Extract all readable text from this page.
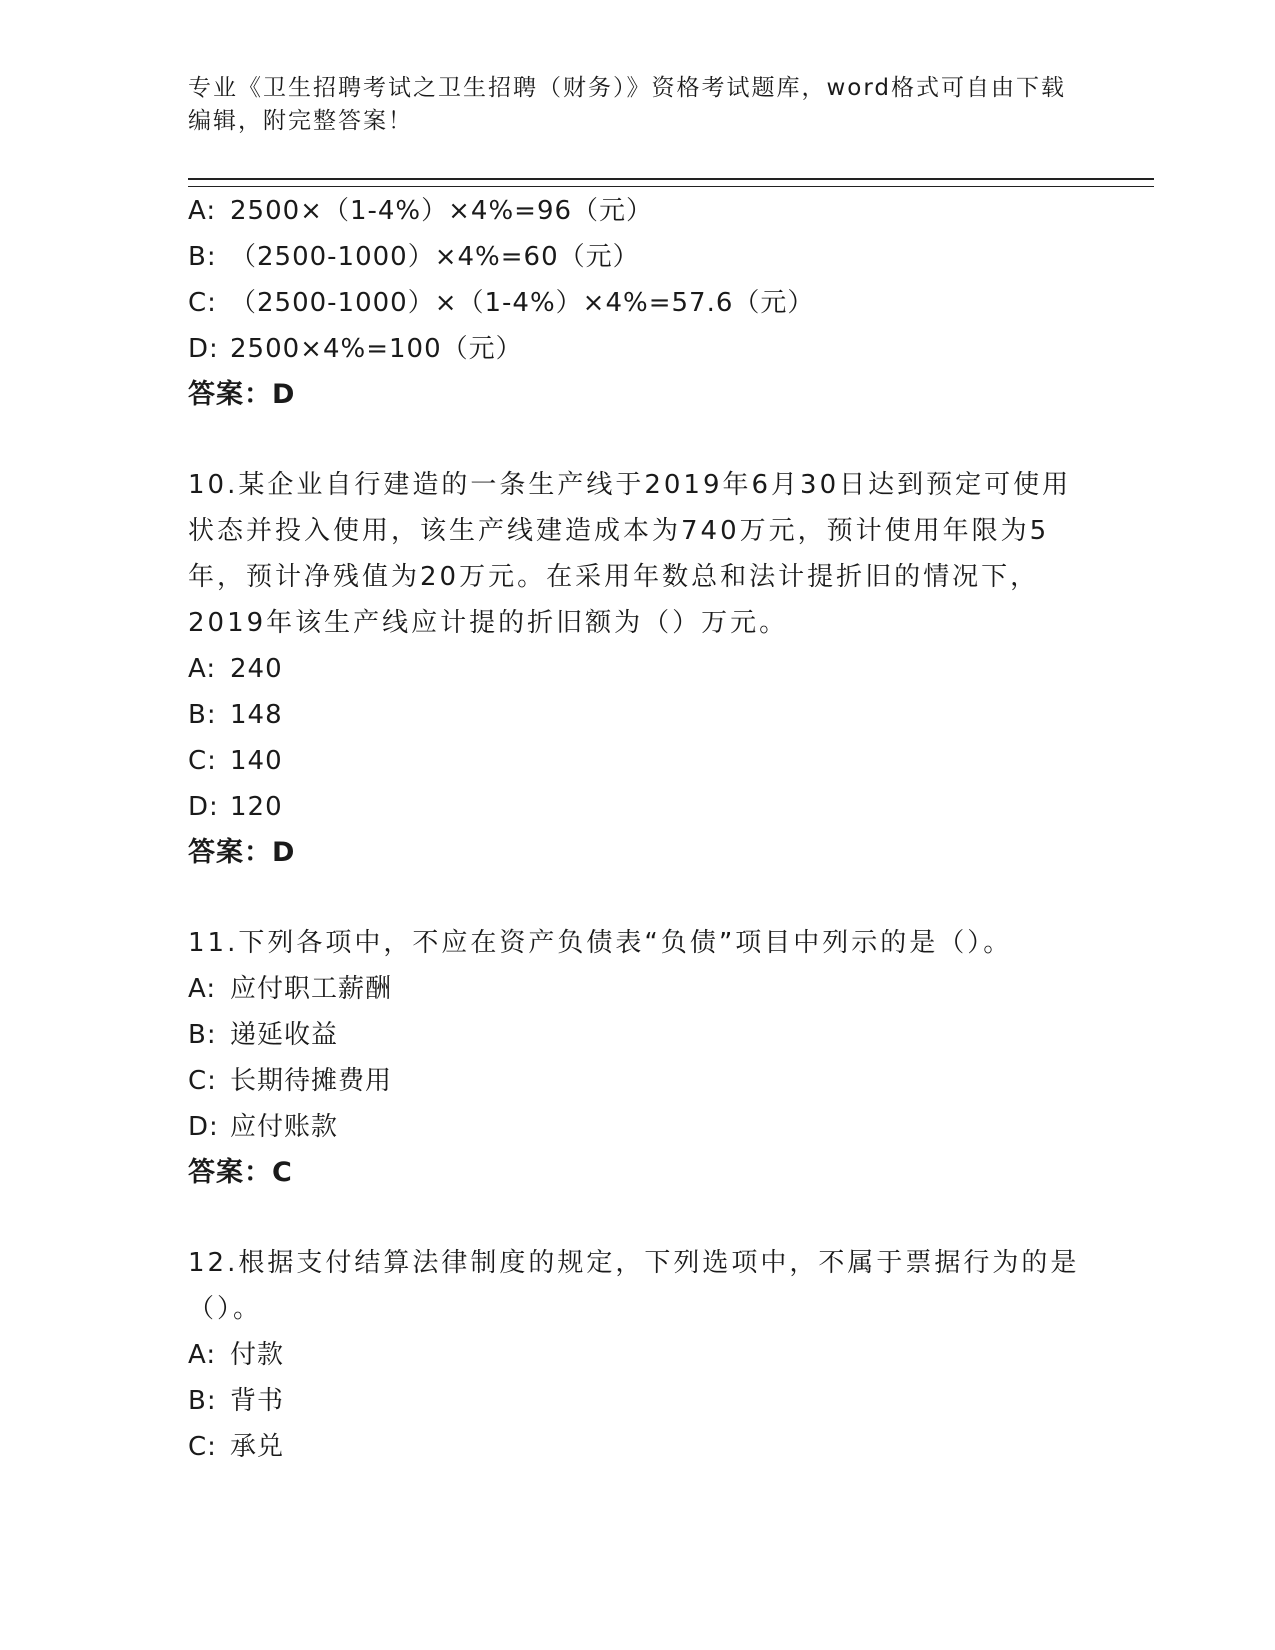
专业《卫生招聘考试之卫生招聘（财务）》资格考试题库，word格式可自由下载编辑，附完整答案！
A: 2500×（1-4%）×4%=96（元）
B: （2500-1000）×4%=60（元）
C: （2500-1000）×（1-4%）×4%=57.6（元）
D: 2500×4%=100（元）
答案：D
10.某企业自行建造的一条生产线于2019年6月30日达到预定可使用状态并投入使用，该生产线建造成本为740万元，预计使用年限为5年，预计净残值为20万元。在采用年数总和法计提折旧的情况下，2019年该生产线应计提的折旧额为（）万元。
A: 240
B: 148
C: 140
D: 120
答案：D
11.下列各项中，不应在资产负债表“负债”项目中列示的是（）。
A: 应付职工薪酬
B: 递延收益
C: 长期待摊费用
D: 应付账款
答案：C
12.根据支付结算法律制度的规定，下列选项中，不属于票据行为的是（）。
A: 付款
B: 背书
C: 承兑
